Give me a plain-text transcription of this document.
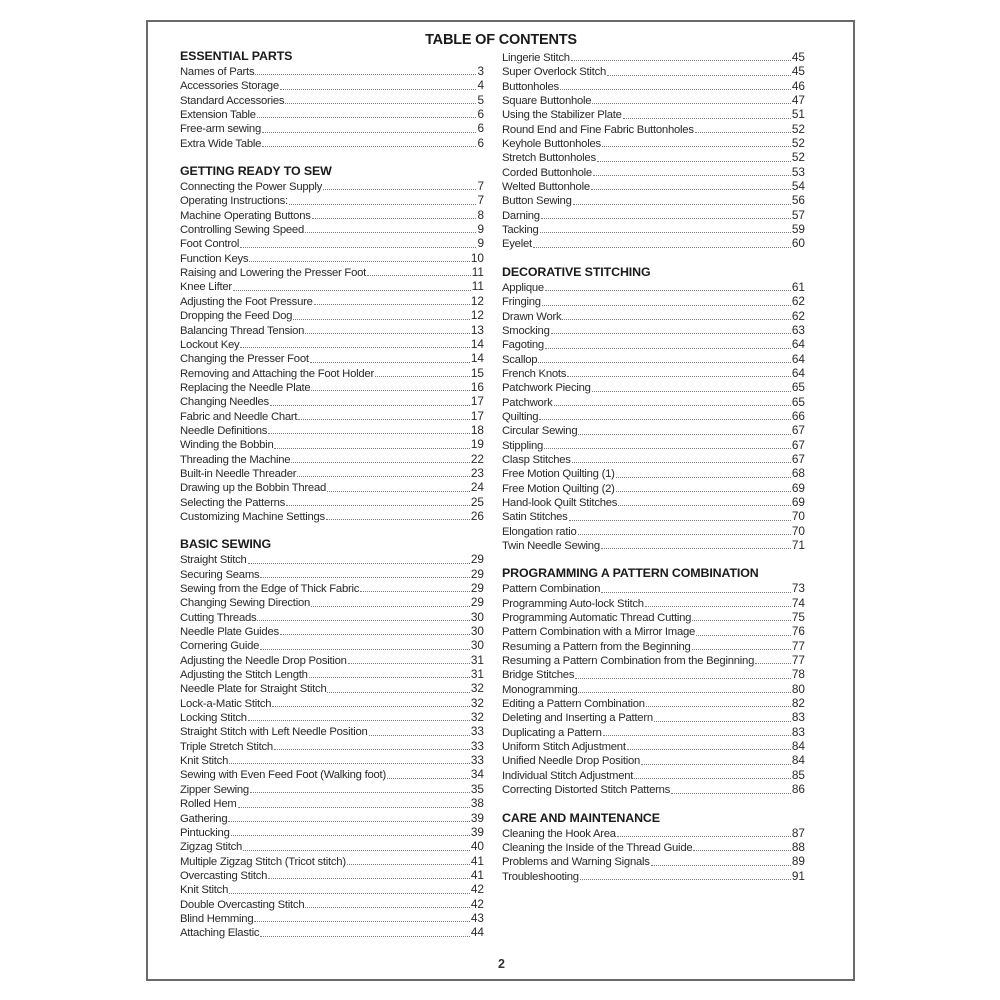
TABLE OF CONTENTS
ESSENTIAL PARTS
Names of Parts	3
Accessories Storage	4
Standard Accessories	5
Extension Table	6
Free-arm sewing	6
Extra Wide Table	6
GETTING READY TO SEW
Connecting the Power Supply	7
Operating Instructions:	7
Machine Operating Buttons	8
Controlling Sewing Speed	9
Foot Control	9
Function Keys	10
Raising and Lowering the Presser Foot	11
Knee Lifter	11
Adjusting the Foot Pressure	12
Dropping the Feed Dog	12
Balancing Thread Tension	13
Lockout Key	14
Changing the Presser Foot	14
Removing and Attaching the Foot Holder	15
Replacing the Needle Plate	16
Changing Needles	17
Fabric and Needle Chart	17
Needle Definitions	18
Winding the Bobbin	19
Threading the Machine	22
Built-in Needle Threader	23
Drawing up the Bobbin Thread	24
Selecting the Patterns	25
Customizing Machine Settings	26
BASIC SEWING
Straight Stitch	29
Securing Seams	29
Sewing from the Edge of Thick Fabric	29
Changing Sewing Direction	29
Cutting Threads	30
Needle Plate Guides	30
Cornering Guide	30
Adjusting the Needle Drop Position	31
Adjusting the Stitch Length	31
Needle Plate for Straight Stitch	32
Lock-a-Matic Stitch	32
Locking Stitch	32
Straight Stitch with Left Needle Position	33
Triple Stretch Stitch	33
Knit Stitch	33
Sewing with Even Feed Foot (Walking foot)	34
Zipper Sewing	35
Rolled Hem	38
Gathering	39
Pintucking	39
Zigzag Stitch	40
Multiple Zigzag Stitch (Tricot stitch)	41
Overcasting Stitch	41
Knit Stitch	42
Double Overcasting Stitch	42
Blind Hemming	43
Attaching Elastic	44
Lingerie Stitch	45
Super Overlock Stitch	45
Buttonholes	46
Square Buttonhole	47
Using the Stabilizer Plate	51
Round End and Fine Fabric Buttonholes	52
Keyhole Buttonholes	52
Stretch Buttonholes	52
Corded Buttonhole	53
Welted Buttonhole	54
Button Sewing	56
Darning	57
Tacking	59
Eyelet	60
DECORATIVE STITCHING
Applique	61
Fringing	62
Drawn Work	62
Smocking	63
Fagoting	64
Scallop	64
French Knots	64
Patchwork Piecing	65
Patchwork	65
Quilting	66
Circular Sewing	67
Stippling	67
Clasp Stitches	67
Free Motion Quilting (1)	68
Free Motion Quilting (2)	69
Hand-look Quilt Stitches	69
Satin Stitches	70
Elongation ratio	70
Twin Needle Sewing	71
PROGRAMMING A PATTERN COMBINATION
Pattern Combination	73
Programming Auto-lock Stitch	74
Programming Automatic Thread Cutting	75
Pattern Combination with a Mirror Image	76
Resuming a Pattern from the Beginning	77
Resuming a Pattern Combination from the Beginning	77
Bridge Stitches	78
Monogramming	80
Editing a Pattern Combination	82
Deleting and Inserting a Pattern	83
Duplicating a Pattern	83
Uniform Stitch Adjustment	84
Unified Needle Drop Position	84
Individual Stitch Adjustment	85
Correcting Distorted Stitch Patterns	86
CARE AND MAINTENANCE
Cleaning the Hook Area	87
Cleaning the Inside of the Thread Guide	88
Problems and Warning Signals	89
Troubleshooting	91
2
